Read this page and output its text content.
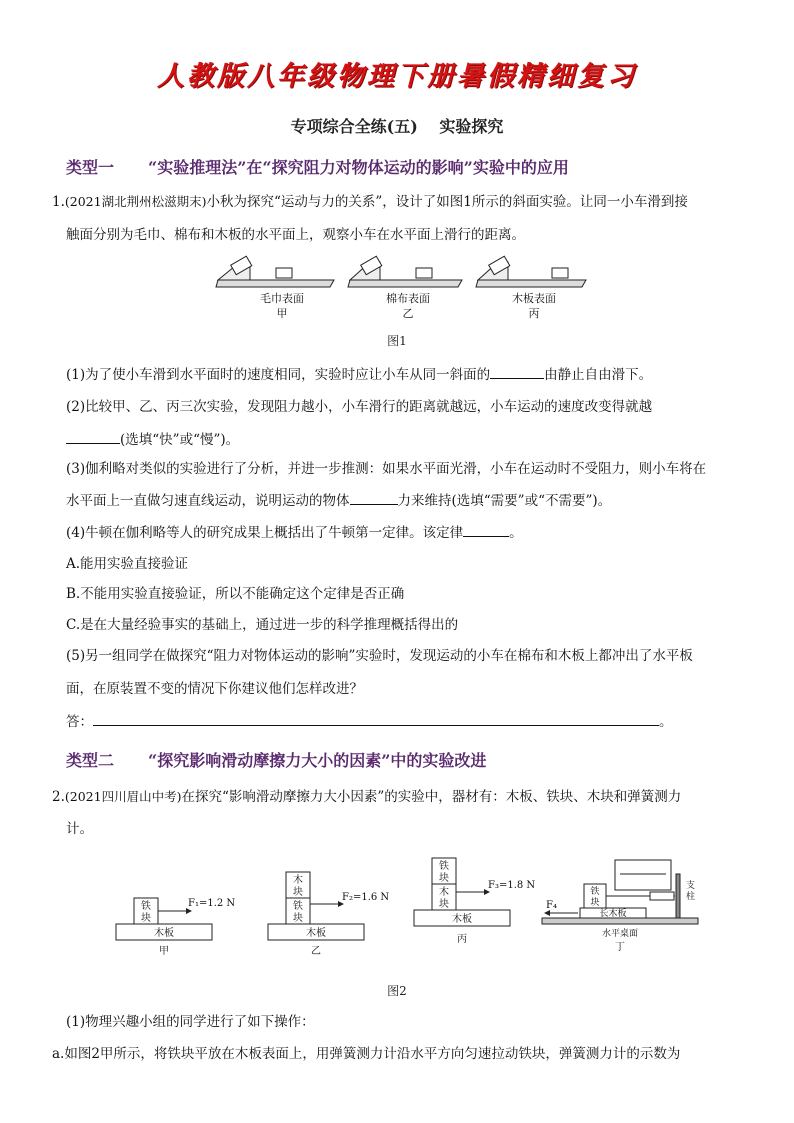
人教版八年级物理下册暑假精细复习
专项综合全练(五)　 实验探究
类型一 “实验推理法”在“探究阻力对物体运动的影响”实验中的应用
1.(2021湖北荆州松滋期末)小秋为探究“运动与力的关系”，设计了如图1所示的斜面实验。让同一小车滑到接
触面分别为毛巾、棉布和木板的水平面上，观察小车在水平面上滑行的距离。
毛巾表面
甲
棉布表面
乙
木板表面
丙
图1
(1)为了使小车滑到水平面时的速度相同，实验时应让小车从同一斜面的	由静止自由滑下。
(2)比较甲、乙、丙三次实验，发现阻力越小，小车滑行的距离就越远，小车运动的速度改变得就越
(选填“快”或“慢”)。
(3)伽利略对类似的实验进行了分析，并进一步推测：如果水平面光滑，小车在运动时不受阻力，则小车将在
水平面上一直做匀速直线运动，说明运动的物体	力来维持(选填“需要”或“不需要”)。
(4)牛顿在伽利略等人的研究成果上概括出了牛顿第一定律。该定律	。
A.能用实验直接验证
B.不能用实验直接验证，所以不能确定这个定律是否正确
C.是在大量经验事实的基础上，通过进一步的科学推理概括得出的
(5)另一组同学在做探究“阻力对物体运动的影响”实验时，发现运动的小车在棉布和木板上都冲出了水平板
面，在原装置不变的情况下你建议他们怎样改进？
答：	。
类型二 “探究影响滑动摩擦力大小的因素”中的实验改进
2.(2021四川眉山中考)在探究“影响滑动摩擦力大小因素”的实验中，器材有：木板、铁块、木块和弹簧测力
计。
铁
块
F₁=1.2 N
木板
甲
木
块
铁
块
F₂=1.6 N
木板
乙
铁
块
木
块
F₃=1.8 N
木板
丙
铁
块
F₄
长木板
支柱
水平桌面
丁
图2
(1)物理兴趣小组的同学进行了如下操作：
a.如图2甲所示，将铁块平放在木板表面上，用弹簧测力计沿水平方向匀速拉动铁块，弹簧测力计的示数为
